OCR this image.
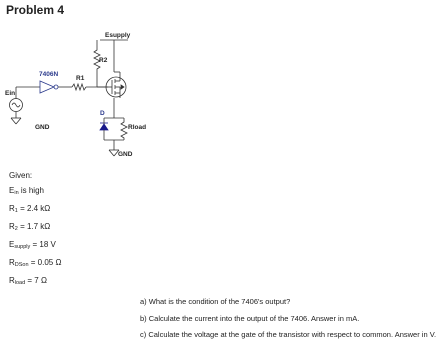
Problem 4
Esupply
R2
7406N
R1
Ein
GND
D
Rload
GND
Given:
Ein is high
R1 = 2.4 kΩ
R2 = 1.7 kΩ
Esupply = 18 V
RDSon = 0.05 Ω
Rload = 7 Ω
a) What is the condition of the 7406's output?
b) Calculate the current into the output of the 7406. Answer in mA.
c) Calculate the voltage at the gate of the transistor with respect to common. Answer in V.
